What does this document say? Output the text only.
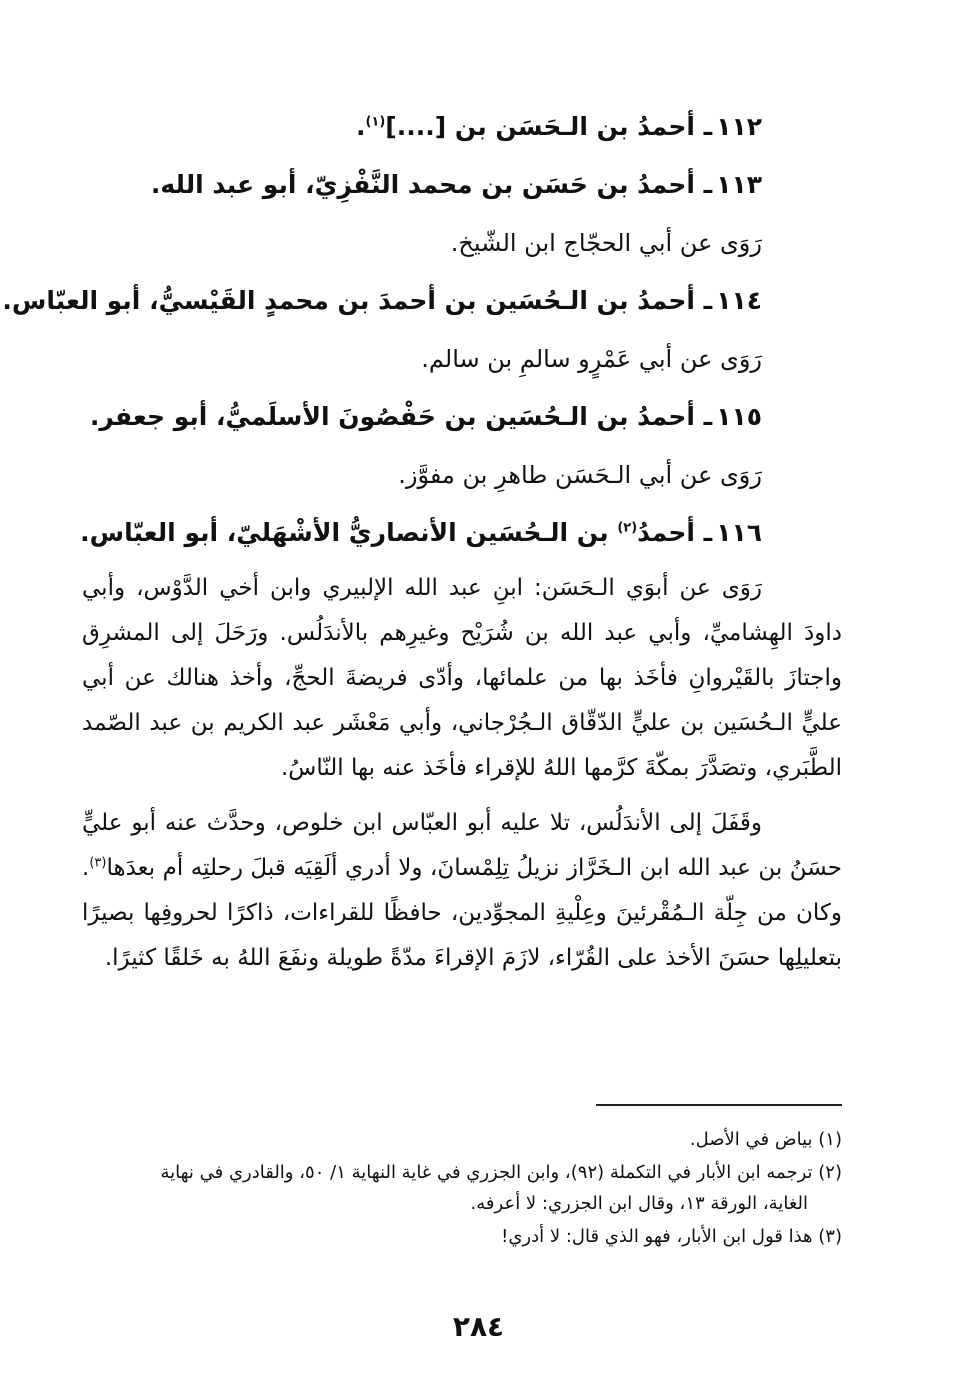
١١٢ـ أحمدُ بن الـحَسَن بن [....]$^{(١)}$.
١١٣ـ أحمدُ بن حَسَن بن محمد النَّفْزِيّ، أبو عبد الله.
رَوَى عن أبي الحجّاج ابن الشّيخ.
١١٤ـ أحمدُ بن الـحُسَين بن أحمدَ بن محمدٍ القَيْسيُّ، أبو العبّاس.
رَوَى عن أبي عَمْرٍو سالمِ بن سالم.
١١٥ـ أحمدُ بن الـحُسَين بن حَفْصُونَ الأسلَميُّ، أبو جعفر.
رَوَى عن أبي الـحَسَن طاهرِ بن مفوَّز.
١١٦ـ أحمدُ$^{(٢)}$ بن الـحُسَين الأنصاريُّ الأشْهَليّ، أبو العبّاس.

رَوَى عن أبوَي الـحَسَن: ابنِ عبد الله الإلبيري وابن أخي الدَّوْس، وأبي داودَ الهِشاميِّ، وأبي عبد الله بن شُرَيْح وغيرِهم بالأندَلُس. ورَحَلَ إلى المشرِق واجتازَ بالقَيْروانِ فأخَذ بها من علمائها، وأدّى فريضةَ الحجِّ، وأخذ هنالك عن أبي عليٍّ الـحُسَين بن عليٍّ الدّقّاق الـجُرْجاني، وأبي مَعْشَر عبد الكريم بن عبد الصّمد الطَّبَري، وتصَدَّرَ بمكّةَ كرَّمها اللهُ للإقراء فأخَذ عنه بها النّاسُ.

وقَفَلَ إلى الأندَلُس، تلا عليه أبو العبّاس ابن خلوص، وحدَّث عنه أبو عليٍّ حسَنُ بن عبد الله ابن الـخَرَّاز نزيلُ تِلِمْسانَ، ولا أدري ألَقِيَه قبلَ رحلتِه أم بعدَها$^{(٣)}$. وكان من جِلّة الـمُقْرئينَ وعِلْيةِ المجوِّدين، حافظًا للقراءات، ذاكرًا لحروفِها بصيرًا بتعليلِها حسَنَ الأخذ على القُرّاء، لازَمَ الإقراءَ مدّةً طويلة ونفَعَ اللهُ به خَلقًا كثيرًا.

(١) بياض في الأصل.
(٢) ترجمه ابن الأبار في التكملة (٩٢)، وابن الجزري في غاية النهاية ١/ ٥٠، والقادري في نهاية
الغاية، الورقة ١٣، وقال ابن الجزري: لا أعرفه.
(٣) هذا قول ابن الأبار، فهو الذي قال: لا أدري!
٢٨٤
